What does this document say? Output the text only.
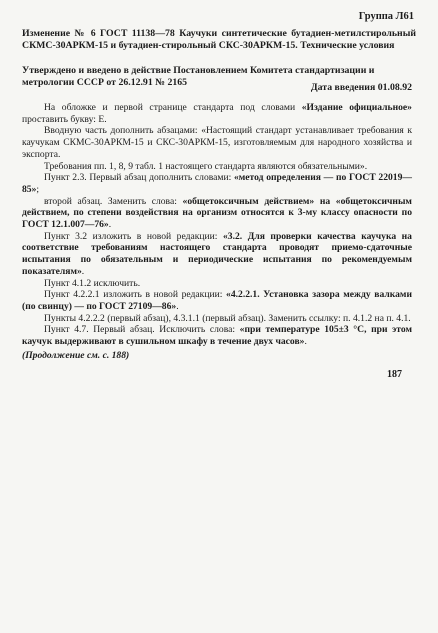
Группа Л61
Изменение № 6 ГОСТ 11138—78 Каучуки синтетические бутадиен-метилстирольный СКМС-30АРКМ-15 и бутадиен-стирольный СКС-30АРКМ-15. Технические условия
Утверждено и введено в действие Постановлением Комитета стандартизации и метрологии СССР от 26.12.91 № 2165	Дата введения 01.08.92

На обложке и первой странице стандарта под словами «Издание официальное» проставить букву: Е.

Вводную часть дополнить абзацами: «Настоящий стандарт устанавливает требования к каучукам СКМС-30АРКМ-15 и СКС-30АРКМ-15, изготовляемым для народного хозяйства и экспорта.

Требования пп. 1, 8, 9 табл. 1 настоящего стандарта являются обязательными».

Пункт 2.3. Первый абзац дополнить словами: «метод определения — по ГОСТ 22019—85»;

второй абзац. Заменить слова: «общетоксичным действием» на «общетоксичным действием, по степени воздействия на организм относятся к 3-му классу опасности по ГОСТ 12.1.007—76».

Пункт 3.2 изложить в новой редакции: «3.2. Для проверки качества каучука на соответствие требованиям настоящего стандарта проводят приемо-сдаточные испытания по обязательным и периодические испытания по рекомендуемым показателям».

Пункт 4.1.2 исключить.

Пункт 4.2.2.1 изложить в новой редакции: «4.2.2.1. Установка зазора между валками (по свинцу) — по ГОСТ 27109—86».

Пункты 4.2.2.2 (первый абзац), 4.3.1.1 (первый абзац). Заменить ссылку: п. 4.1.2 на п. 4.1.

Пункт 4.7. Первый абзац. Исключить слова: «при температуре 105±3 °С, при этом каучук выдерживают в сушильном шкафу в течение двух часов».

(Продолжение см. с. 188)

187
